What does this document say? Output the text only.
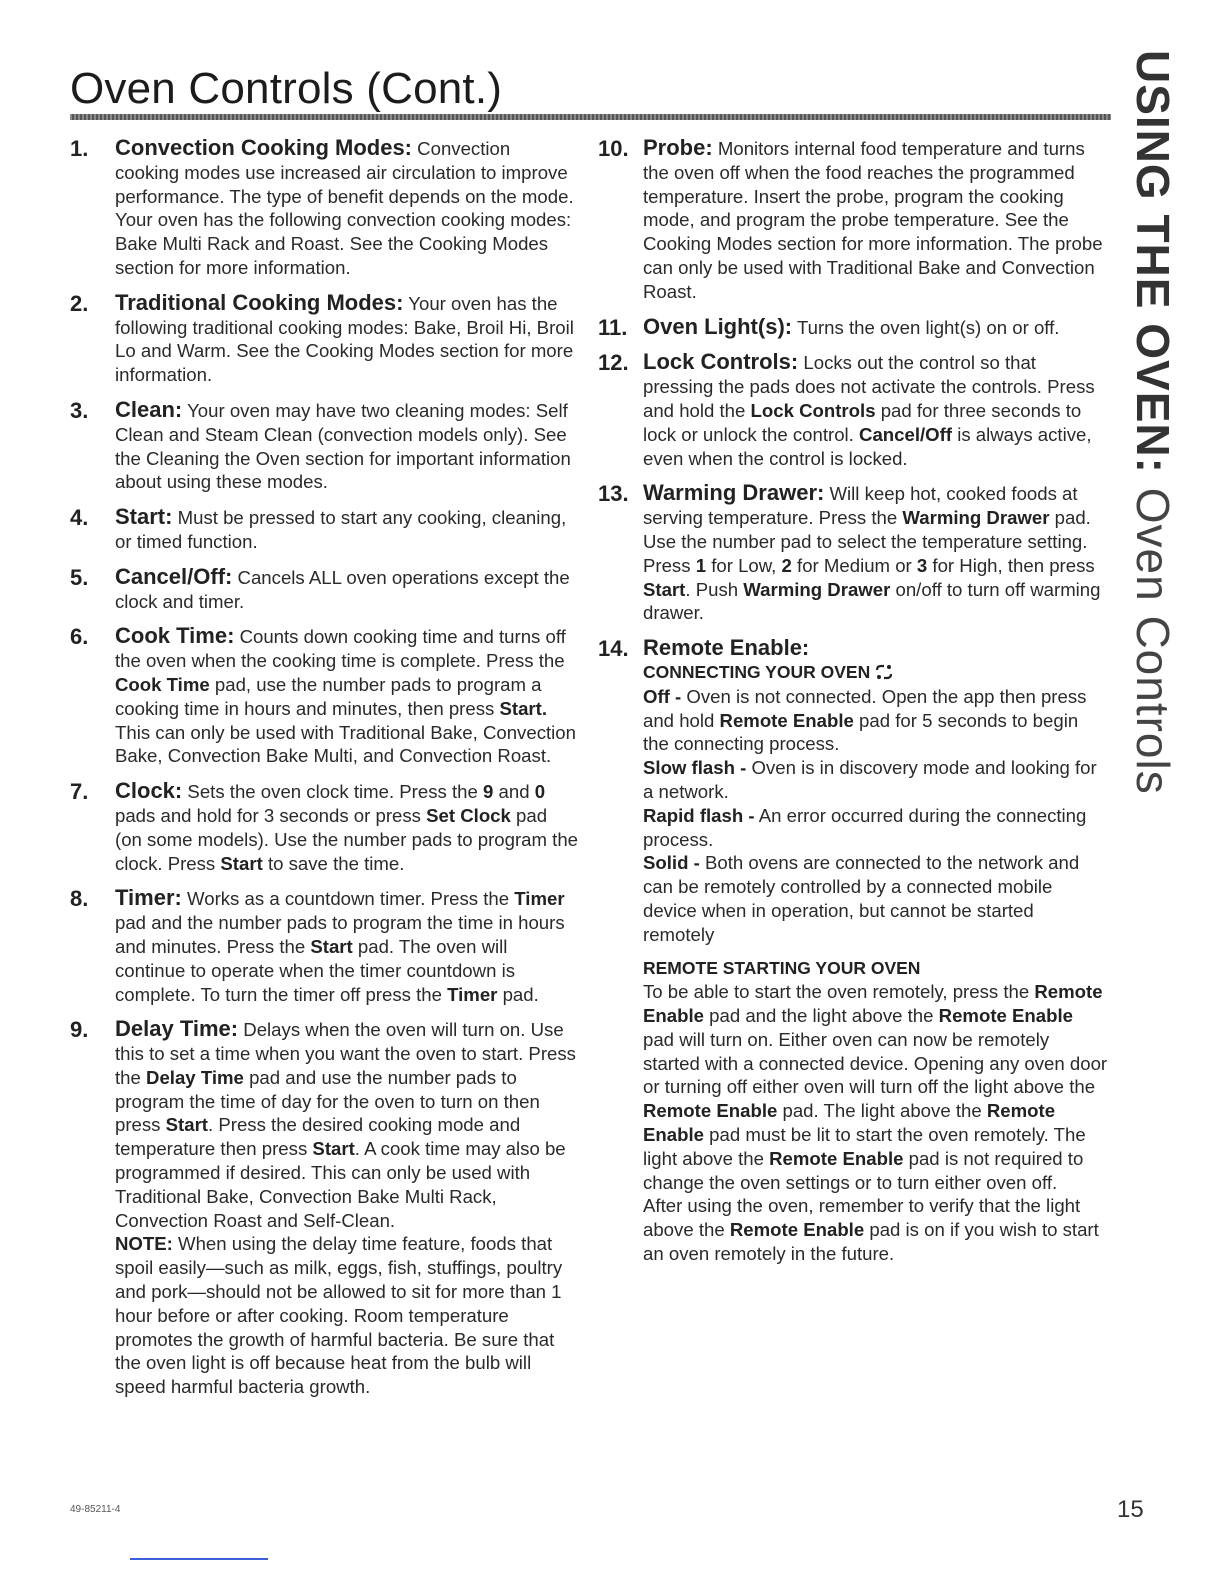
Oven Controls (Cont.)	USING THE OVEN: Oven Controls
1. Convection Cooking Modes: Convection cooking modes use increased air circulation to improve performance. The type of benefit depends on the mode. Your oven has the following convection cooking modes: Bake Multi Rack and Roast. See the Cooking Modes section for more information.

2. Traditional Cooking Modes: Your oven has the following traditional cooking modes: Bake, Broil Hi, Broil Lo and Warm. See the Cooking Modes section for more information.

3. Clean: Your oven may have two cleaning modes: Self Clean and Steam Clean (convection models only). See the Cleaning the Oven section for important information about using these modes.

4. Start: Must be pressed to start any cooking, cleaning, or timed function.

5. Cancel/Off: Cancels ALL oven operations except the clock and timer.

6. Cook Time: Counts down cooking time and turns off the oven when the cooking time is complete. Press the Cook Time pad, use the number pads to program a cooking time in hours and minutes, then press Start. This can only be used with Traditional Bake, Convection Bake, Convection Bake Multi, and Convection Roast.

7. Clock: Sets the oven clock time. Press the 9 and 0 pads and hold for 3 seconds or press Set Clock pad (on some models). Use the number pads to program the clock. Press Start to save the time.

8. Timer: Works as a countdown timer. Press the Timer pad and the number pads to program the time in hours and minutes. Press the Start pad. The oven will continue to operate when the timer countdown is complete. To turn the timer off press the Timer pad.

9. Delay Time: Delays when the oven will turn on. Use this to set a time when you want the oven to start. Press the Delay Time pad and use the number pads to program the time of day for the oven to turn on then press Start. Press the desired cooking mode and temperature then press Start. A cook time may also be programmed if desired. This can only be used with Traditional Bake, Convection Bake Multi Rack, Convection Roast and Self-Clean.

NOTE: When using the delay time feature, foods that spoil easily—such as milk, eggs, fish, stuffings, poultry and pork—should not be allowed to sit for more than 1 hour before or after cooking. Room temperature promotes the growth of harmful bacteria. Be sure that the oven light is off because heat from the bulb will speed harmful bacteria growth.

10. Probe: Monitors internal food temperature and turns the oven off when the food reaches the programmed temperature. Insert the probe, program the cooking mode, and program the probe temperature. See the Cooking Modes section for more information. The probe can only be used with Traditional Bake and Convection Roast.

11. Oven Light(s): Turns the oven light(s) on or off.

12. Lock Controls: Locks out the control so that pressing the pads does not activate the controls. Press and hold the Lock Controls pad for three seconds to lock or unlock the control. Cancel/Off is always active, even when the control is locked.

13. Warming Drawer: Will keep hot, cooked foods at serving temperature. Press the Warming Drawer pad. Use the number pad to select the temperature setting. Press 1 for Low, 2 for Medium or 3 for High, then press Start. Push Warming Drawer on/off to turn off warming drawer.

14. Remote Enable:

CONNECTING YOUR OVEN

Off - Oven is not connected. Open the app then press and hold Remote Enable pad for 5 seconds to begin the connecting process.

Slow flash - Oven is in discovery mode and looking for a network.

Rapid flash - An error occurred during the connecting process.

Solid - Both ovens are connected to the network and can be remotely controlled by a connected mobile device when in operation, but cannot be started remotely

REMOTE STARTING YOUR OVEN

To be able to start the oven remotely, press the Remote Enable pad and the light above the Remote Enable pad will turn on. Either oven can now be remotely started with a connected device. Opening any oven door or turning off either oven will turn off the light above the Remote Enable pad. The light above the Remote Enable pad must be lit to start the oven remotely. The light above the Remote Enable pad is not required to change the oven settings or to turn either oven off.

After using the oven, remember to verify that the light above the Remote Enable pad is on if you wish to start an oven remotely in the future.

49-85211-4	15
